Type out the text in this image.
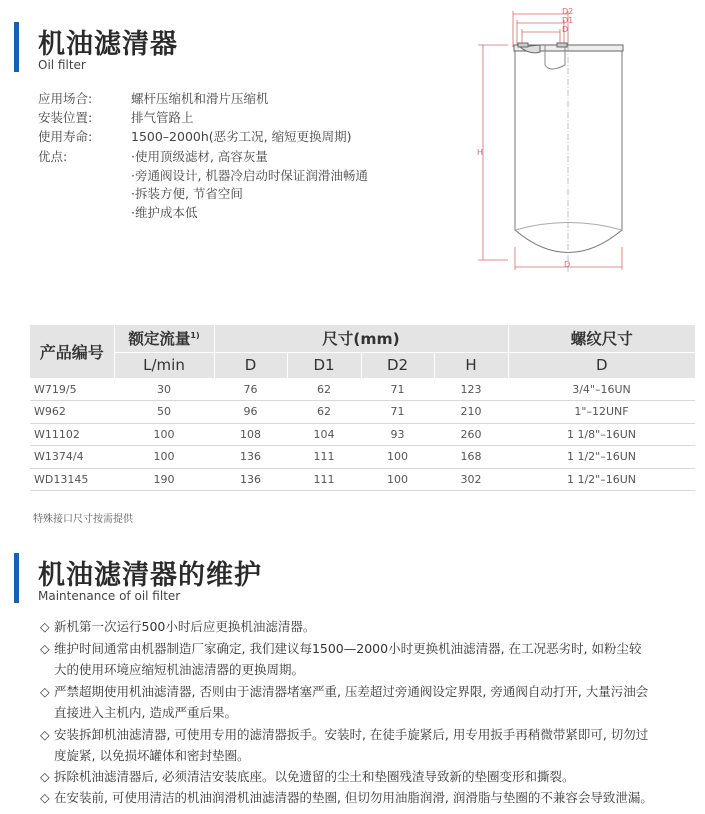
机油滤清器
Oil filter
应用场合:	螺杆压缩机和滑片压缩机
安装位置:	排气管路上
使用寿命:	1500–2000h(恶劣工况, 缩短更换周期)
优点:	·使用顶级滤材, 高容灰量
·旁通阀设计, 机器冷启动时保证润滑油畅通
·拆装方便, 节省空间
·维护成本低
D2
D1
D
H
D
产品编号	额定流量$^{1)}$	尺寸(mm)				螺纹尺寸
	L/min	D	D1	D2	H	D
W719/5	30	76	62	71	123	3/4"–16UN
W962	50	96	62	71	210	1"–12UNF
W11102	100	108	104	93	260	1 1/8"–16UN
W1374/4	100	136	111	100	168	1 1/2"–16UN
WD13145	190	136	111	100	302	1 1/2"–16UN
特殊接口尺寸按需提供
机油滤清器的维护
Maintenance of oil filter
◇ 新机第一次运行500小时后应更换机油滤清器。
◇ 维护时间通常由机器制造厂家确定, 我们建议每1500—2000小时更换机油滤清器, 在工况恶劣时, 如粉尘较
大的使用环境应缩短机油滤清器的更换周期。
◇ 严禁超期使用机油滤清器, 否则由于滤清器堵塞严重, 压差超过旁通阀设定界限, 旁通阀自动打开, 大量污油会
直接进入主机内, 造成严重后果。
◇ 安装拆卸机油滤清器, 可使用专用的滤清器扳手。安装时, 在徒手旋紧后, 用专用扳手再稍微带紧即可, 切勿过
度旋紧, 以免损坏罐体和密封垫圈。
◇ 拆除机油滤清器后, 必须清洁安装底座。以免遗留的尘土和垫圈残渣导致新的垫圈变形和撕裂。
◇ 在安装前, 可使用清洁的机油润滑机油滤清器的垫圈, 但切勿用油脂润滑, 润滑脂与垫圈的不兼容会导致泄漏。
